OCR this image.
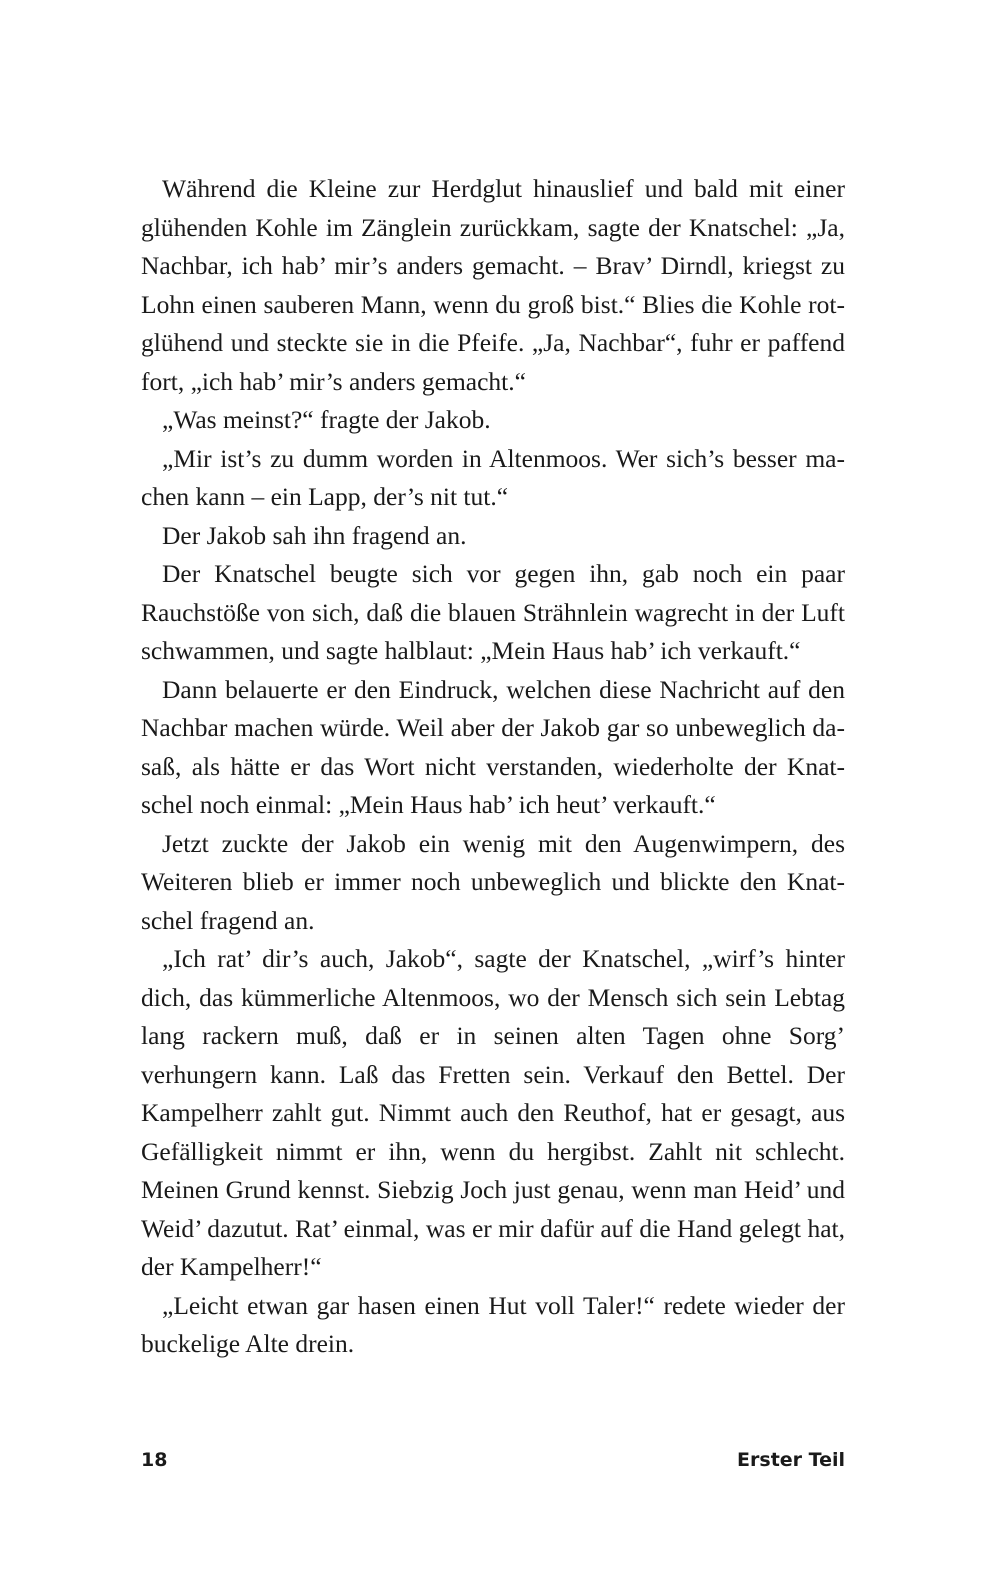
Während die Kleine zur Herdglut hinauslief und bald mit einer glühenden Kohle im Zänglein zurückkam, sagte der Knatschel: „Ja, Nachbar, ich hab’ mir’s anders gemacht. – Brav’ Dirndl, kriegst zu Lohn einen sauberen Mann, wenn du groß bist.“ Blies die Kohle rotglühend und steckte sie in die Pfeife. „Ja, Nachbar“, fuhr er paffend fort, „ich hab’ mir’s anders gemacht.“

„Was meinst?“ fragte der Jakob.

„Mir ist’s zu dumm worden in Altenmoos. Wer sich’s besser machen kann – ein Lapp, der’s nit tut.“

Der Jakob sah ihn fragend an.

Der Knatschel beugte sich vor gegen ihn, gab noch ein paar Rauchstöße von sich, daß die blauen Strähnlein wagrecht in der Luft schwammen, und sagte halblaut: „Mein Haus hab’ ich verkauft.“

Dann belauerte er den Eindruck, welchen diese Nachricht auf den Nachbar machen würde. Weil aber der Jakob gar so unbeweglich dasaß, als hätte er das Wort nicht verstanden, wiederholte der Knatschel noch einmal: „Mein Haus hab’ ich heut’ verkauft.“

Jetzt zuckte der Jakob ein wenig mit den Augenwimpern, des Weiteren blieb er immer noch unbeweglich und blickte den Knatschel fragend an.

„Ich rat’ dir’s auch, Jakob“, sagte der Knatschel, „wirf’s hinter dich, das kümmerliche Altenmoos, wo der Mensch sich sein Lebtag lang rackern muß, daß er in seinen alten Tagen ohne Sorg’ verhungern kann. Laß das Fretten sein. Verkauf den Bettel. Der Kampelherr zahlt gut. Nimmt auch den Reuthof, hat er gesagt, aus Gefälligkeit nimmt er ihn, wenn du hergibst. Zahlt nit schlecht. Meinen Grund kennst. Siebzig Joch just genau, wenn man Heid’ und Weid’ dazutut. Rat’ einmal, was er mir dafür auf die Hand gelegt hat, der Kampelherr!“

„Leicht etwan gar hasen einen Hut voll Taler!“ redete wieder der buckelige Alte drein.

18	Erster Teil
